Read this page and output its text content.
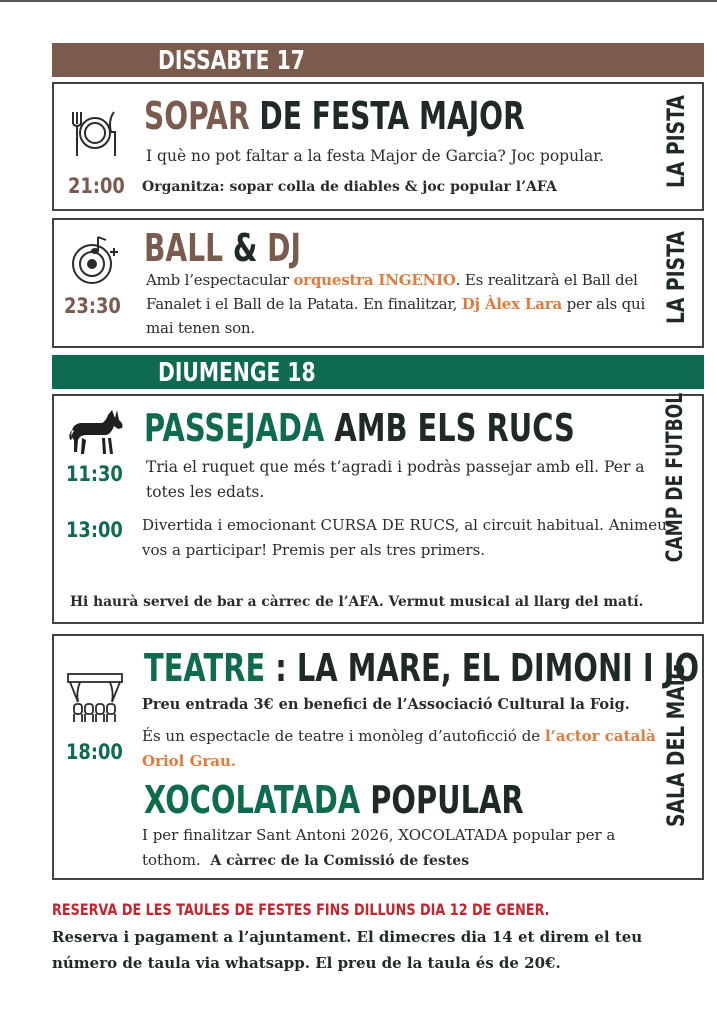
DISSABTE 17
SOPAR DE FESTA MAJOR
I què no pot faltar a la festa Major de Garcia? Joc popular.
21:00 Organitza: sopar colla de diables & joc popular l’AFA	LA PISTA
BALL & DJ
Amb l’espectacular orquestra INGENIO. Es realitzarà el Ball del Fanalet i el Ball de la Patata. En finalitzar, Dj Àlex Lara per als qui mai tenen son.
23:30	LA PISTA
DIUMENGE 18
PASSEJADA AMB ELS RUCS
11:30 Tria el ruquet que més t’agradi i podràs passejar amb ell. Per a totes les edats.
13:00 Divertida i emocionant CURSA DE RUCS, al circuit habitual. Animeu-vos a participar! Premis per als tres primers.
Hi haurà servei de bar a càrrec de l’AFA. Vermut musical al llarg del matí.
CAMP DE FUTBOL
TEATRE : LA MARE, EL DIMONI I JO
Preu entrada 3€ en benefici de l’Associació Cultural la Foig.
És un espectacle de teatre i monòleg d’autoficció de l’actor català Oriol Grau.
18:00
XOCOLATADA POPULAR
I per finalitzar Sant Antoni 2026, XOCOLATADA popular per a tothom. A càrrec de la Comissió de festes
SALA DEL MAIG
RESERVA DE LES TAULES DE FESTES FINS DILLUNS DIA 12 DE GENER.
Reserva i pagament a l’ajuntament. El dimecres dia 14 et direm el teu número de taula via whatsapp. El preu de la taula és de 20€.
